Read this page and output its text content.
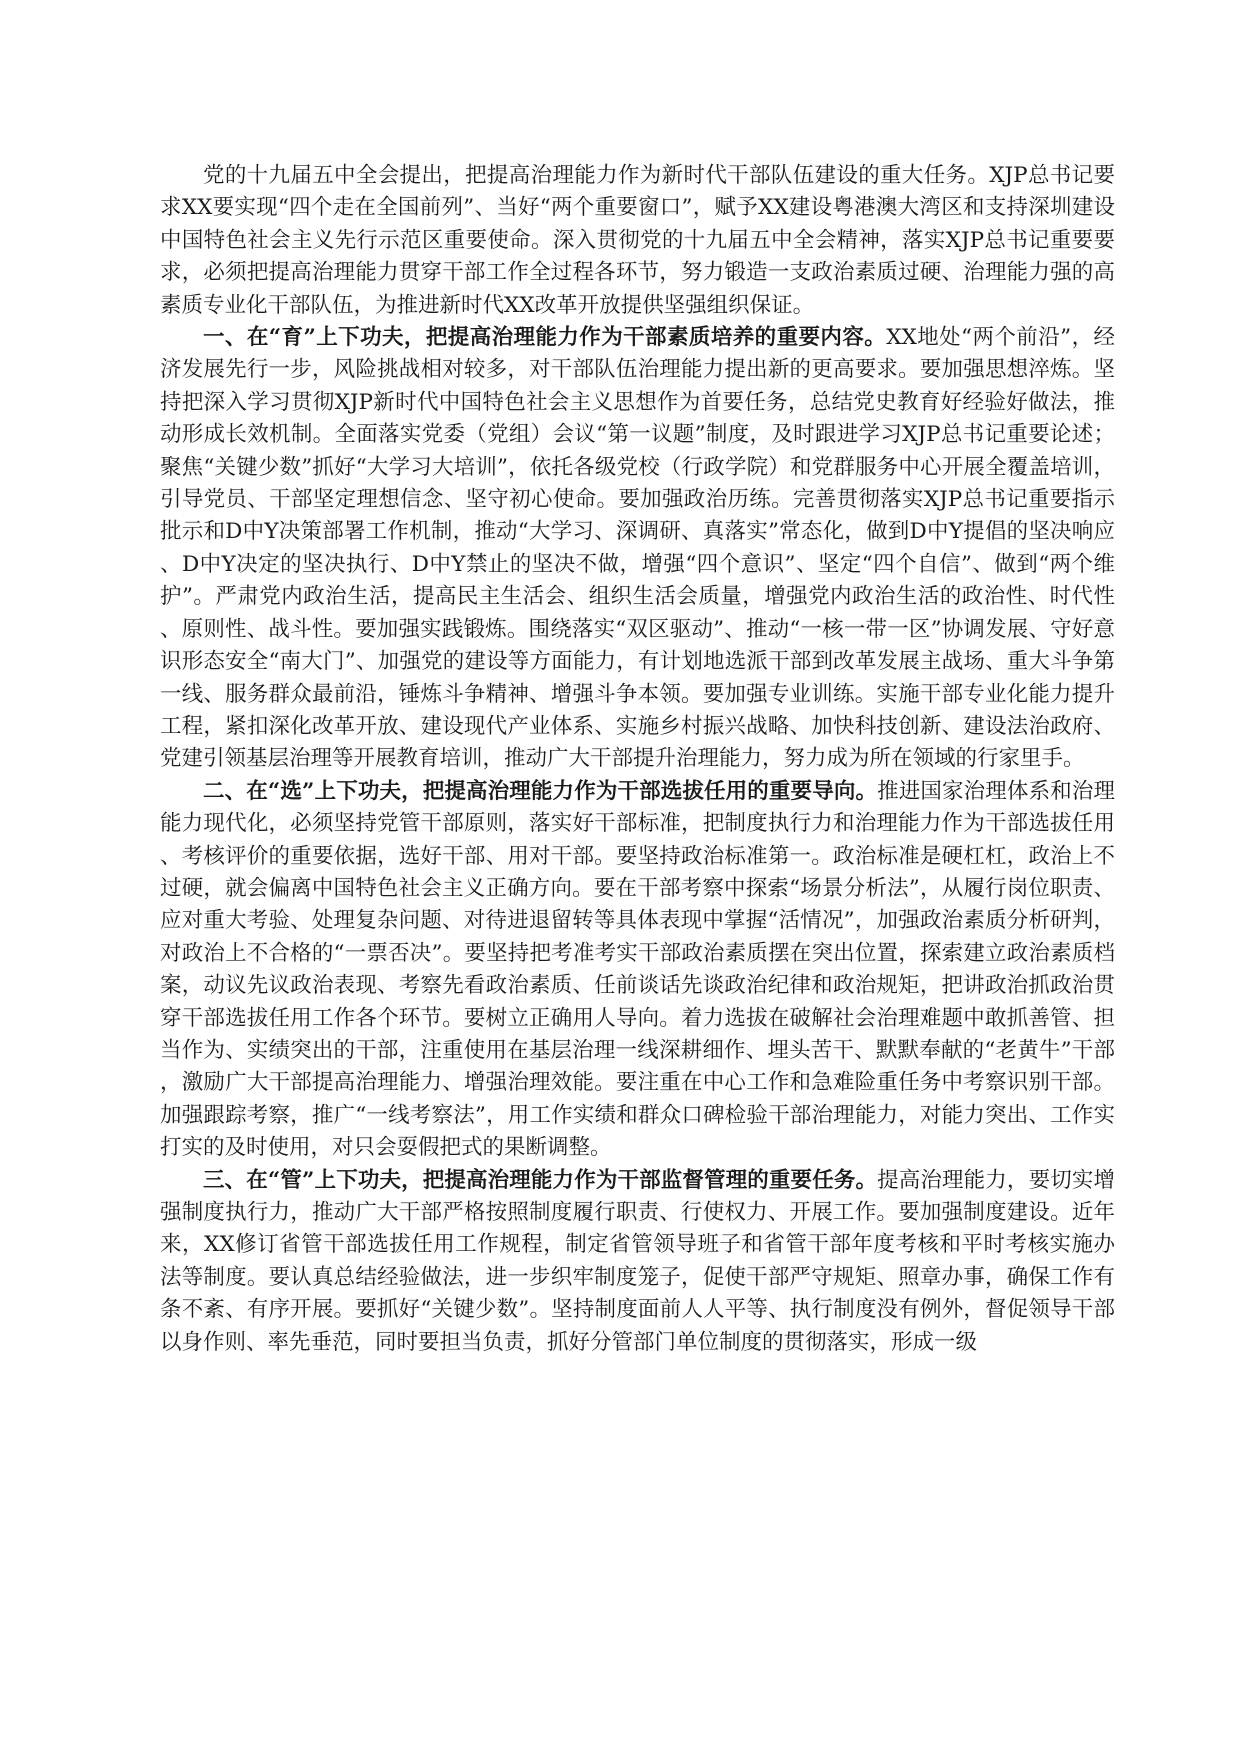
党的十九届五中全会提出，把提高治理能力作为新时代干部队伍建设的重大任务。XJP总书记要求XX要实现“四个走在全国前列”、当好“两个重要窗口”，赋予XX建设粤港澳大湾区和支持深圳建设中国特色社会主义先行示范区重要使命。深入贯彻党的十九届五中全会精神，落实XJP总书记重要要求，必须把提高治理能力贯穿干部工作全过程各环节，努力锻造一支政治素质过硬、治理能力强的高素质专业化干部队伍，为推进新时代XX改革开放提供坚强组织保证。

一、在“育”上下功夫，把提高治理能力作为干部素质培养的重要内容。XX地处“两个前沿”，经济发展先行一步，风险挑战相对较多，对干部队伍治理能力提出新的更高要求。要加强思想淬炼。坚持把深入学习贯彻XJP新时代中国特色社会主义思想作为首要任务，总结党史教育好经验好做法，推动形成长效机制。全面落实党委（党组）会议“第一议题”制度，及时跟进学习XJP总书记重要论述；聚焦“关键少数”抓好“大学习大培训”，依托各级党校（行政学院）和党群服务中心开展全覆盖培训，引导党员、干部坚定理想信念、坚守初心使命。要加强政治历练。完善贯彻落实XJP总书记重要指示批示和D中Y决策部署工作机制，推动“大学习、深调研、真落实”常态化，做到D中Y提倡的坚决响应、D中Y决定的坚决执行、D中Y禁止的坚决不做，增强“四个意识”、坚定“四个自信”、做到“两个维护”。严肃党内政治生活，提高民主生活会、组织生活会质量，增强党内政治生活的政治性、时代性、原则性、战斗性。要加强实践锻炼。围绕落实“双区驱动”、推动“一核一带一区”协调发展、守好意识形态安全“南大门”、加强党的建设等方面能力，有计划地选派干部到改革发展主战场、重大斗争第一线、服务群众最前沿，锤炼斗争精神、增强斗争本领。要加强专业训练。实施干部专业化能力提升工程，紧扣深化改革开放、建设现代产业体系、实施乡村振兴战略、加快科技创新、建设法治政府、党建引领基层治理等开展教育培训，推动广大干部提升治理能力，努力成为所在领域的行家里手。

二、在“选”上下功夫，把提高治理能力作为干部选拔任用的重要导向。推进国家治理体系和治理能力现代化，必须坚持党管干部原则，落实好干部标准，把制度执行力和治理能力作为干部选拔任用、考核评价的重要依据，选好干部、用对干部。要坚持政治标准第一。政治标准是硬杠杠，政治上不过硬，就会偏离中国特色社会主义正确方向。要在干部考察中探索“场景分析法”，从履行岗位职责、应对重大考验、处理复杂问题、对待进退留转等具体表现中掌握“活情况”，加强政治素质分析研判，对政治上不合格的“一票否决”。要坚持把考准考实干部政治素质摆在突出位置，探索建立政治素质档案，动议先议政治表现、考察先看政治素质、任前谈话先谈政治纪律和政治规矩，把讲政治抓政治贯穿干部选拔任用工作各个环节。要树立正确用人导向。着力选拔在破解社会治理难题中敢抓善管、担当作为、实绩突出的干部，注重使用在基层治理一线深耕细作、埋头苦干、默默奉献的“老黄牛”干部，激励广大干部提高治理能力、增强治理效能。要注重在中心工作和急难险重任务中考察识别干部。加强跟踪考察，推广“一线考察法”，用工作实绩和群众口碑检验干部治理能力，对能力突出、工作实打实的及时使用，对只会耍假把式的果断调整。

三、在“管”上下功夫，把提高治理能力作为干部监督管理的重要任务。提高治理能力，要切实增强制度执行力，推动广大干部严格按照制度履行职责、行使权力、开展工作。要加强制度建设。近年来，XX修订省管干部选拔任用工作规程，制定省管领导班子和省管干部年度考核和平时考核实施办法等制度。要认真总结经验做法，进一步织牢制度笼子，促使干部严守规矩、照章办事，确保工作有条不紊、有序开展。要抓好“关键少数”。坚持制度面前人人平等、执行制度没有例外，督促领导干部以身作则、率先垂范，同时要担当负责，抓好分管部门单位制度的贯彻落实，形成一级
